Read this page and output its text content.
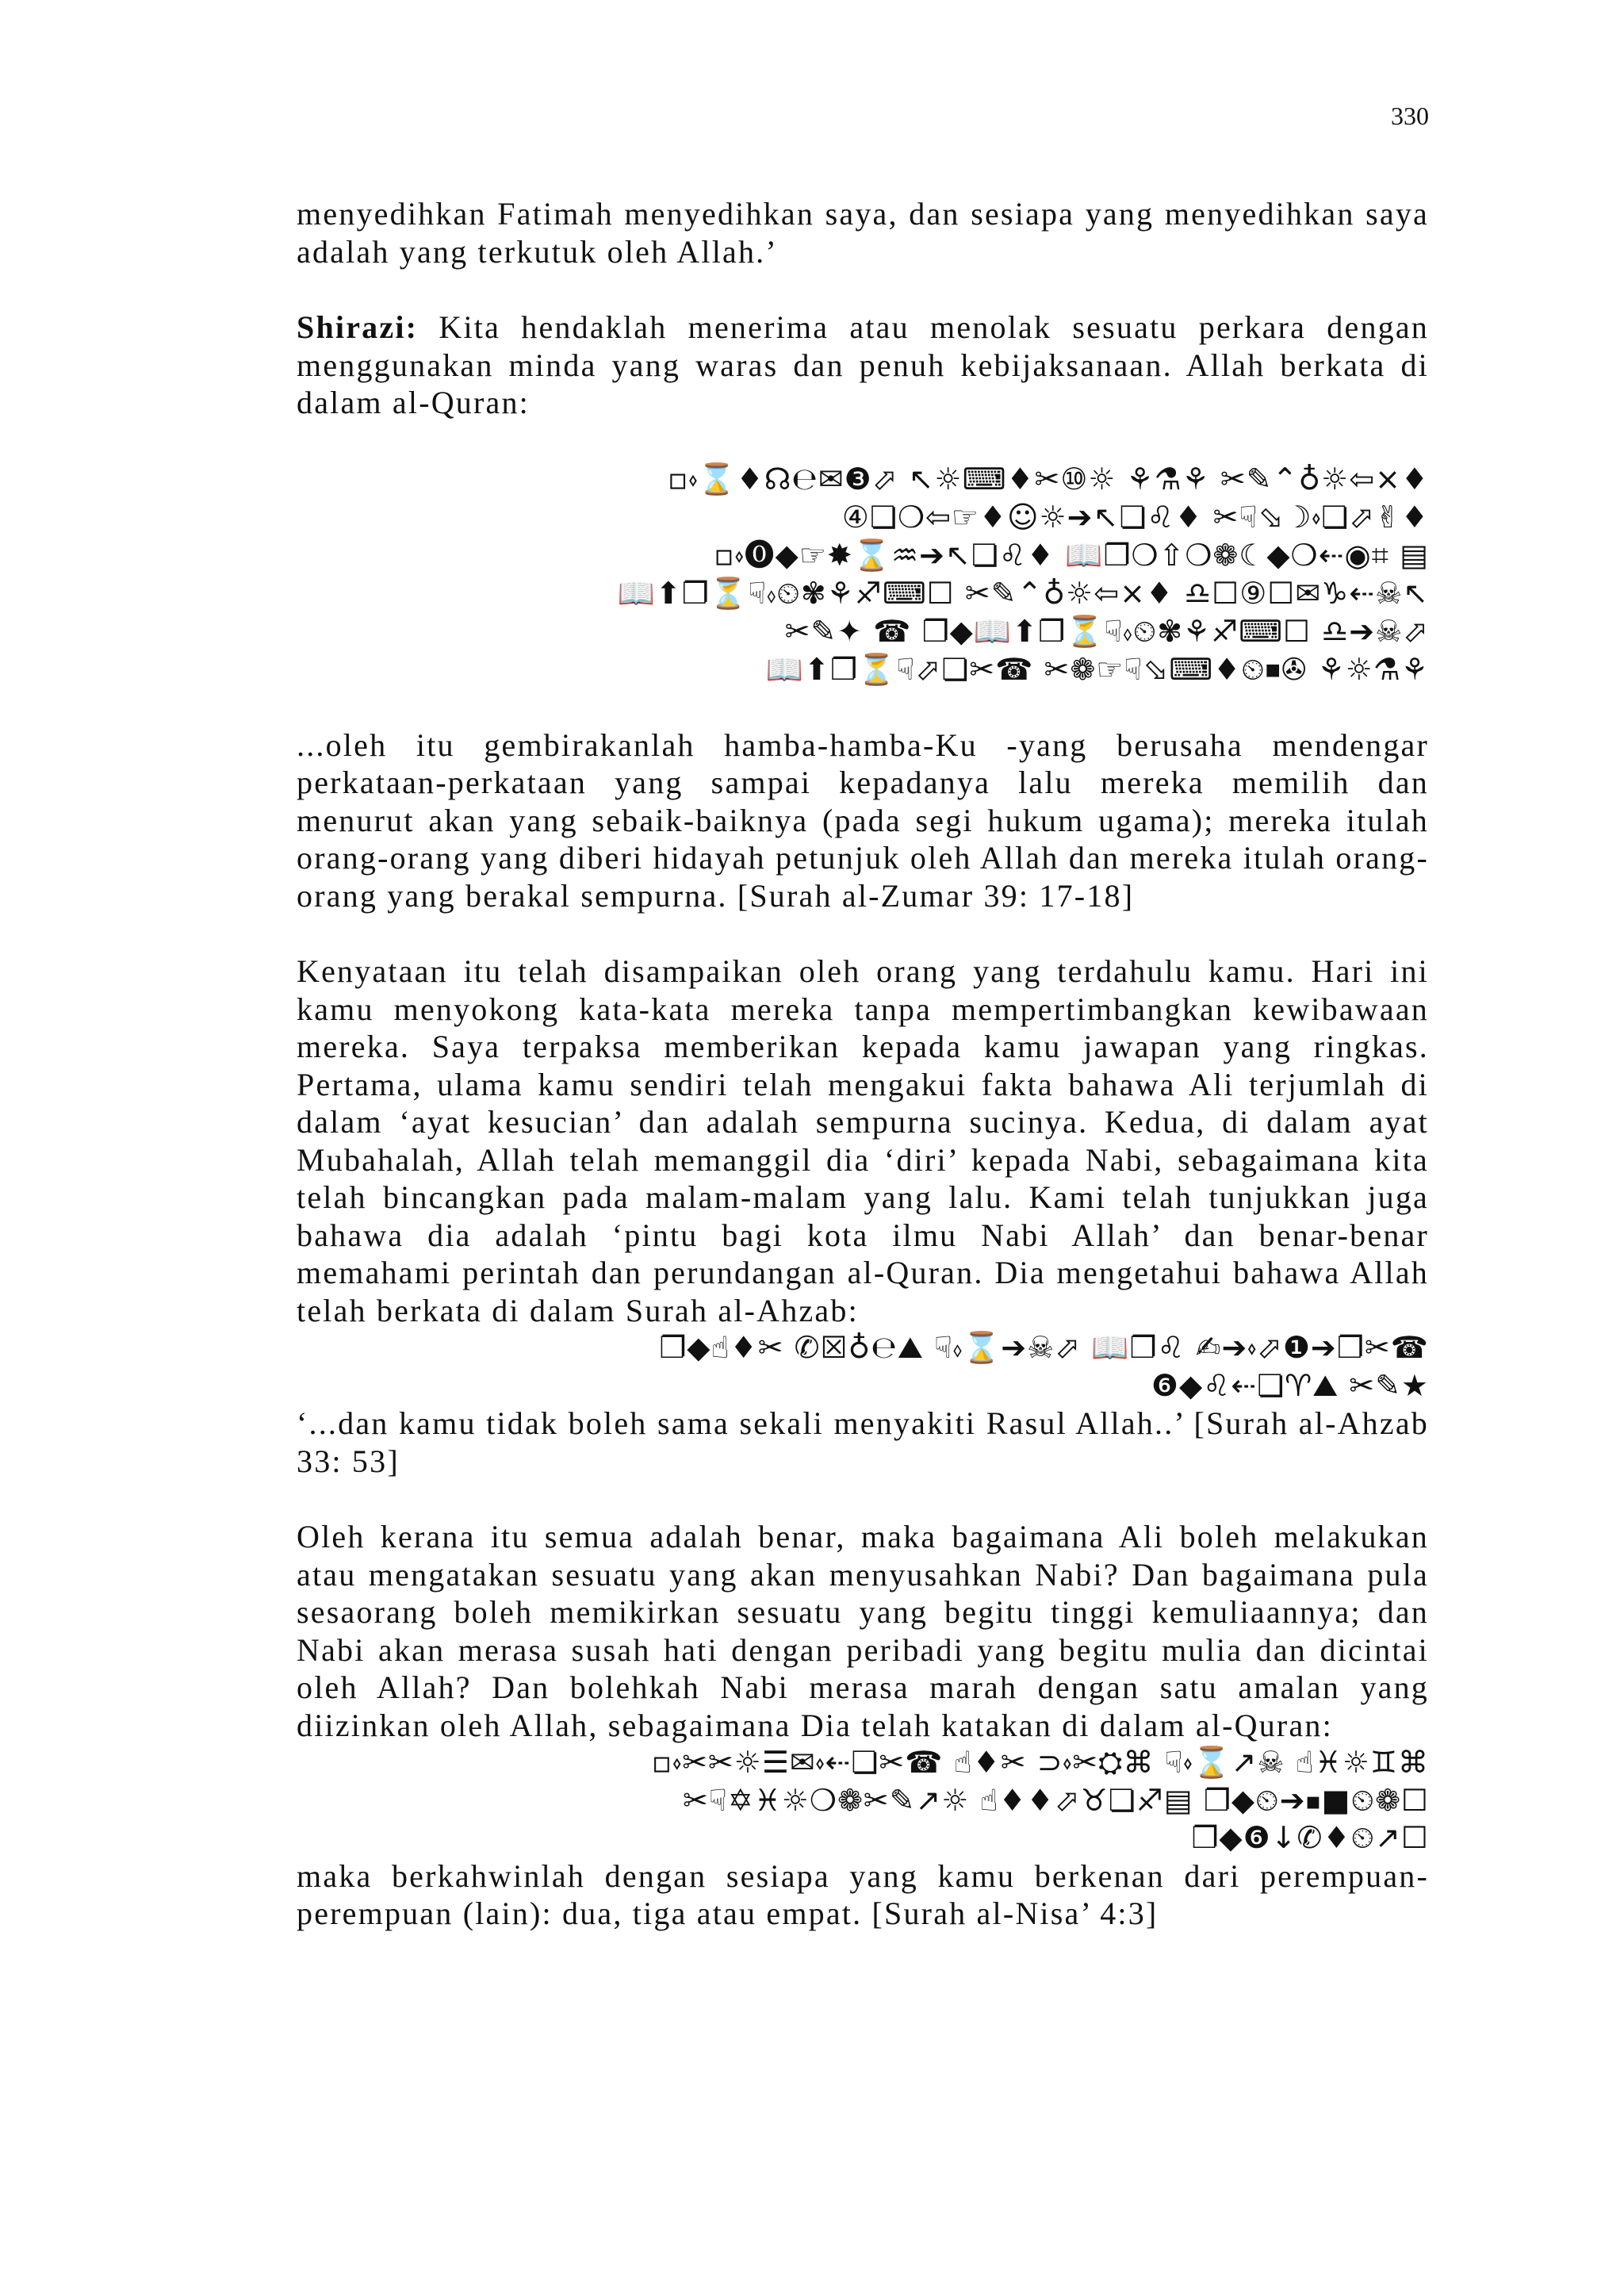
330

menyedihkan Fatimah menyedihkan saya, dan sesiapa yang menyedihkan saya adalah yang terkutuk oleh Allah.’

Shirazi: Kita hendaklah menerima atau menolak sesuatu perkara dengan menggunakan minda yang waras dan penuh kebijaksanaan. Allah berkata di dalam al-Quran:

♦×⇦☼♁⌃✎✂ ⚘⚗⚘ ☼⑩✂♦⌨☼↖ ⬀❸✉℮☊♦⌛⬫▫

♦✌⬀❏⬫☽⬂☟✂ ♦♌❏↖➔☼☺♦☞⇦❍❏④

▤ ⌗◉⇠❍◆☾❁❍⇧❍❐📖 ♦♌❏↖➔♒⌛✸☞◆⓿⬫▫

↖☠⇠♑✉☐⑨☐♎ ♦×⇦☼♁⌃✎✂ ☐⌨♐⚘✾⏲⬫☟⏳❐⬆📖

⬀☠➔♎ ☐⌨♐⚘✾⏲⬫☟⏳❐⬆📖◆❐ ☎ ✦✎✂

⚘⚗☼⚘ ✇⏹⏲♦⌨⬂☟☞❁✂ ☎✂❏⬀☟⏳❐⬆📖

...oleh itu gembirakanlah hamba-hamba-Ku -yang berusaha mendengar perkataan-perkataan yang sampai kepadanya lalu mereka memilih dan menurut akan yang sebaik-baiknya (pada segi hukum ugama); mereka itulah orang-orang yang diberi hidayah petunjuk oleh Allah dan mereka itulah orang-orang yang berakal sempurna. [Surah al-Zumar 39: 17-18]

Kenyataan itu telah disampaikan oleh orang yang terdahulu kamu. Hari ini kamu menyokong kata-kata mereka tanpa mempertimbangkan kewibawaan mereka. Saya terpaksa memberikan kepada kamu jawapan yang ringkas. Pertama, ulama kamu sendiri telah mengakui fakta bahawa Ali terjumlah di dalam ‘ayat kesucian’ dan adalah sempurna sucinya. Kedua, di dalam ayat Mubahalah, Allah telah memanggil dia ‘diri’ kepada Nabi, sebagaimana kita telah bincangkan pada malam-malam yang lalu. Kami telah tunjukkan juga bahawa dia adalah ‘pintu bagi kota ilmu Nabi Allah’ dan benar-benar memahami perintah dan perundangan al-Quran. Dia mengetahui bahawa Allah telah berkata di dalam Surah al-Ahzab:

☎✂❐➔❶⬀⬫➔✍ ♌❐📖 ⬀☠➔⌛⬫☟ ⛰℮♁☒✆ ✂♦☝◆❐

★✎✂ ⛰♈❏⇠♌◆❻

‘...dan kamu tidak boleh sama sekali menyakiti Rasul Allah..’ [Surah al-Ahzab 33: 53]

Oleh kerana itu semua adalah benar, maka bagaimana Ali boleh melakukan atau mengatakan sesuatu yang akan menyusahkan Nabi? Dan bagaimana pula sesaorang boleh memikirkan sesuatu yang begitu tinggi kemuliaannya; dan Nabi akan merasa susah hati dengan peribadi yang begitu mulia dan dicintai oleh Allah? Dan bolehkah Nabi merasa marah dengan satu amalan yang diizinkan oleh Allah, sebagaimana Dia telah katakan di dalam al-Quran:

⌘♊☼♓☝ ☠↗⌛⬫☟ ⌘⛭✂⬫⊂ ✂♦☝ ☎✂❏⇠⬫✉☰☼✂✂⬫▫

☐❁⏲■⏹➔⏲◆❐ ▤♐❏♉⬀♦♦☝ ☼↗✎✂❁❍☼♓✡☟✂

☐↗⏲♦✆↓❻◆❐

maka berkahwinlah dengan sesiapa yang kamu berkenan dari perempuan-perempuan (lain): dua, tiga atau empat. [Surah al-Nisa’ 4:3]
